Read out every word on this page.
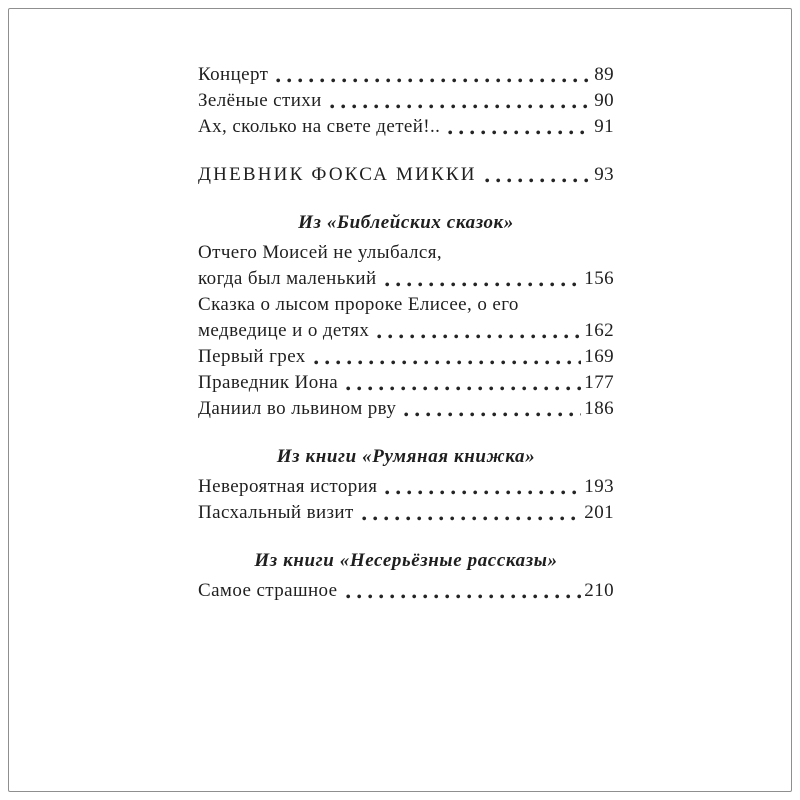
Концерт	89
Зелёные стихи	90
Ах, сколько на свете детей!..	91
ДНЕВНИК ФОКСА МИККИ	93
Из «Библейских сказок»
Отчего Моисей не улыбался,
когда был маленький	156
Сказка о лысом пророке Елисее, о его
медведице и о детях	162
Первый грех	169
Праведник Иона	177
Даниил во львином рву	186
Из книги «Румяная книжка»
Невероятная история	193
Пасхальный визит	201
Из книги «Несерьёзные рассказы»
Самое страшное	210
